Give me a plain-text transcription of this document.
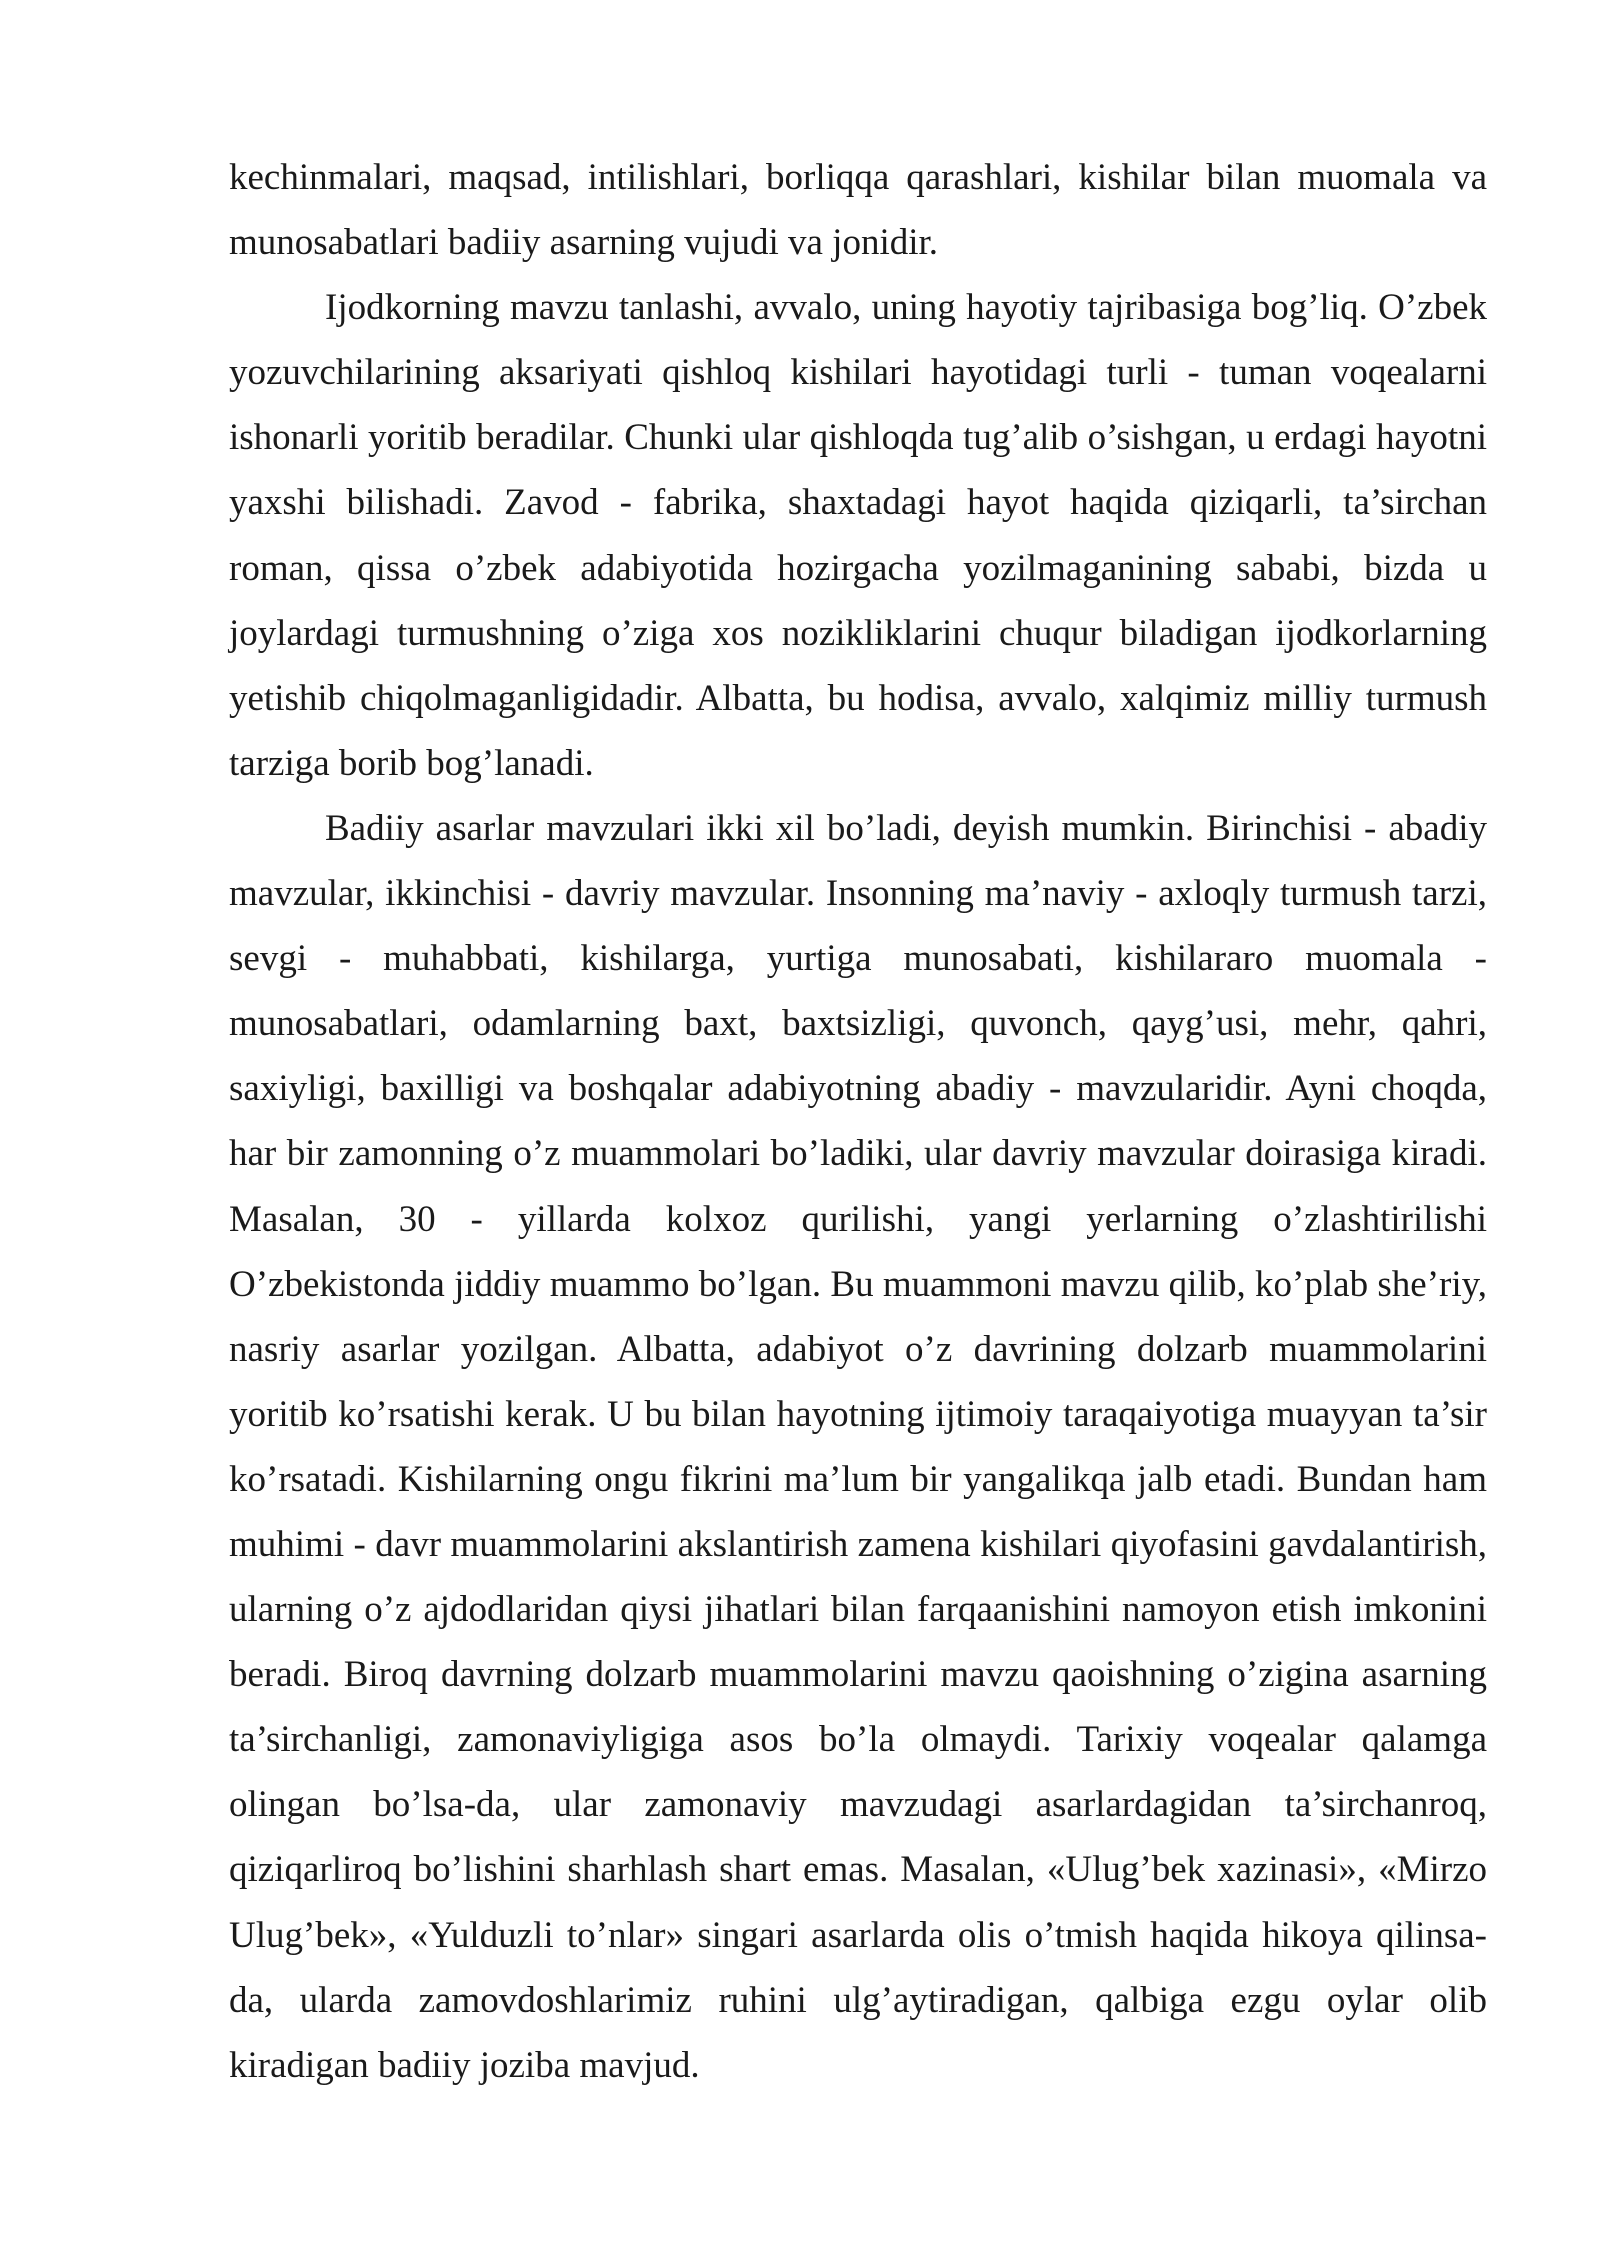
kechinmalari, maqsad, intilishlari, borliqqa qarashlari, kishilar bilan muomala va munosabatlari badiiy asarning vujudi va jonidir.

Ijodkorning mavzu tanlashi, avvalo, uning hayotiy tajribasiga bog’liq. O’zbek yozuvchilarining aksariyati qishloq kishilari hayotidagi turli - tuman voqealarni ishonarli yoritib beradilar. Chunki ular qishloqda tug’alib o’sishgan, u erdagi hayotni yaxshi bilishadi. Zavod - fabrika, shaxtadagi hayot haqida qiziqarli, ta’sirchan roman, qissa o’zbek adabiyotida hozirgacha yozilmaganining sababi, bizda u joylardagi turmushning o’ziga xos nozikliklarini chuqur biladigan ijodkorlarning yetishib chiqolmaganligidadir. Albatta, bu hodisa, avvalo, xalqimiz milliy turmush tarziga borib bog’lanadi.

Badiiy asarlar mavzulari ikki xil bo’ladi, deyish mumkin. Birinchisi - abadiy mavzular, ikkinchisi - davriy mavzular. Insonning ma’naviy - axloqly turmush tarzi, sevgi - muhabbati, kishilarga, yurtiga munosabati, kishilararo muomala - munosabatlari, odamlarning baxt, baxtsizligi, quvonch, qayg’usi, mehr, qahri, saxiyligi, baxilligi va boshqalar adabiyotning abadiy - mavzularidir. Ayni choqda, har bir zamonning o’z muammolari bo’ladiki, ular davriy mavzular doirasiga kiradi. Masalan, 30 - yillarda kolxoz qurilishi, yangi yerlarning o’zlashtirilishi O’zbekistonda jiddiy muammo bo’lgan. Bu muammoni mavzu qilib, ko’plab she’riy, nasriy asarlar yozilgan. Albatta, adabiyot o’z davrining dolzarb muammolarini yoritib ko’rsatishi kerak. U bu bilan hayotning ijtimoiy taraqaiyotiga muayyan ta’sir ko’rsatadi. Kishilarning ongu fikrini ma’lum bir yangalikqa jalb etadi. Bundan ham muhimi - davr muammolarini akslantirish zamena kishilari qiyofasini gavdalantirish, ularning o’z ajdodlaridan qiysi jihatlari bilan farqaanishini namoyon etish imkonini beradi. Biroq davrning dolzarb muammolarini mavzu qaoishning o’zigina asarning ta’sirchanligi, zamonaviyligiga asos bo’la olmaydi. Tarixiy voqealar qalamga olingan bo’lsa-da, ular zamonaviy mavzudagi asarlardagidan ta’sirchanroq, qiziqarliroq bo’lishini sharhlash shart emas. Masalan, «Ulug’bek xazinasi», «Mirzo Ulug’bek», «Yulduzli to’nlar» singari asarlarda olis o’tmish haqida hikoya qilinsa-da, ularda zamovdoshlarimiz ruhini ulg’aytiradigan, qalbiga ezgu oylar olib kiradigan badiiy joziba mavjud.
